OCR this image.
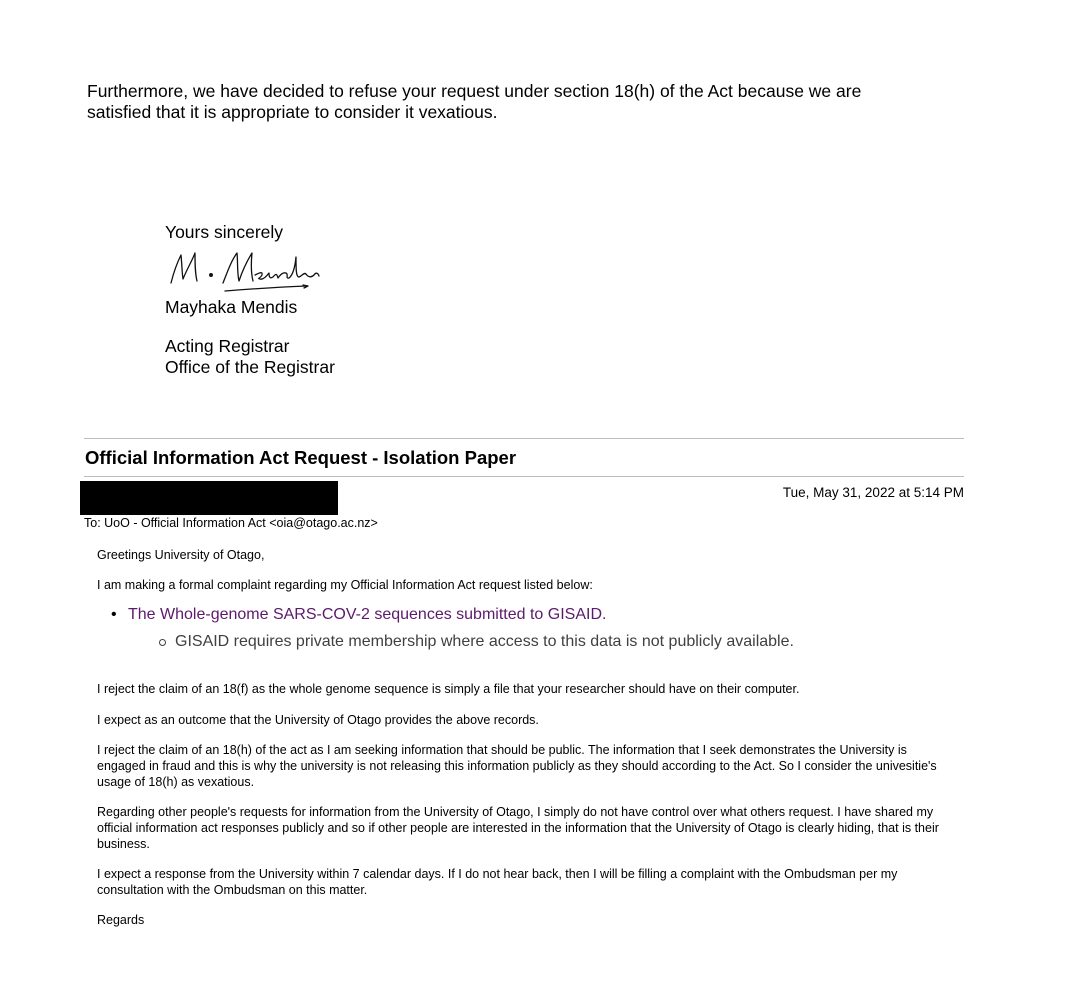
Furthermore, we have decided to refuse your request under section 18(h) of the Act because we are satisfied that it is appropriate to consider it vexatious.

Yours sincerely

Mayhaka Mendis

Acting Registrar

Office of the Registrar

Official Information Act Request - Isolation Paper
Tue, May 31, 2022 at 5:14 PM
To: UoO - Official Information Act <oia@otago.ac.nz>

Greetings University of Otago,

I am making a formal complaint regarding my Official Information Act request listed below:

• The Whole-genome SARS-COV-2 sequences submitted to GISAID.
GISAID requires private membership where access to this data is not publicly available.

I reject the claim of an 18(f) as the whole genome sequence is simply a file that your researcher should have on their computer.

I expect as an outcome that the University of Otago provides the above records.

I reject the claim of an 18(h) of the act as I am seeking information that should be public. The information that I seek demonstrates the University is engaged in fraud and this is why the university is not releasing this information publicly as they should according to the Act. So I consider the univesitie's usage of 18(h) as vexatious.

Regarding other people's requests for information from the University of Otago, I simply do not have control over what others request. I have shared my official information act responses publicly and so if other people are interested in the information that the University of Otago is clearly hiding, that is their business.

I expect a response from the University within 7 calendar days. If I do not hear back, then I will be filling a complaint with the Ombudsman per my consultation with the Ombudsman on this matter.

Regards
